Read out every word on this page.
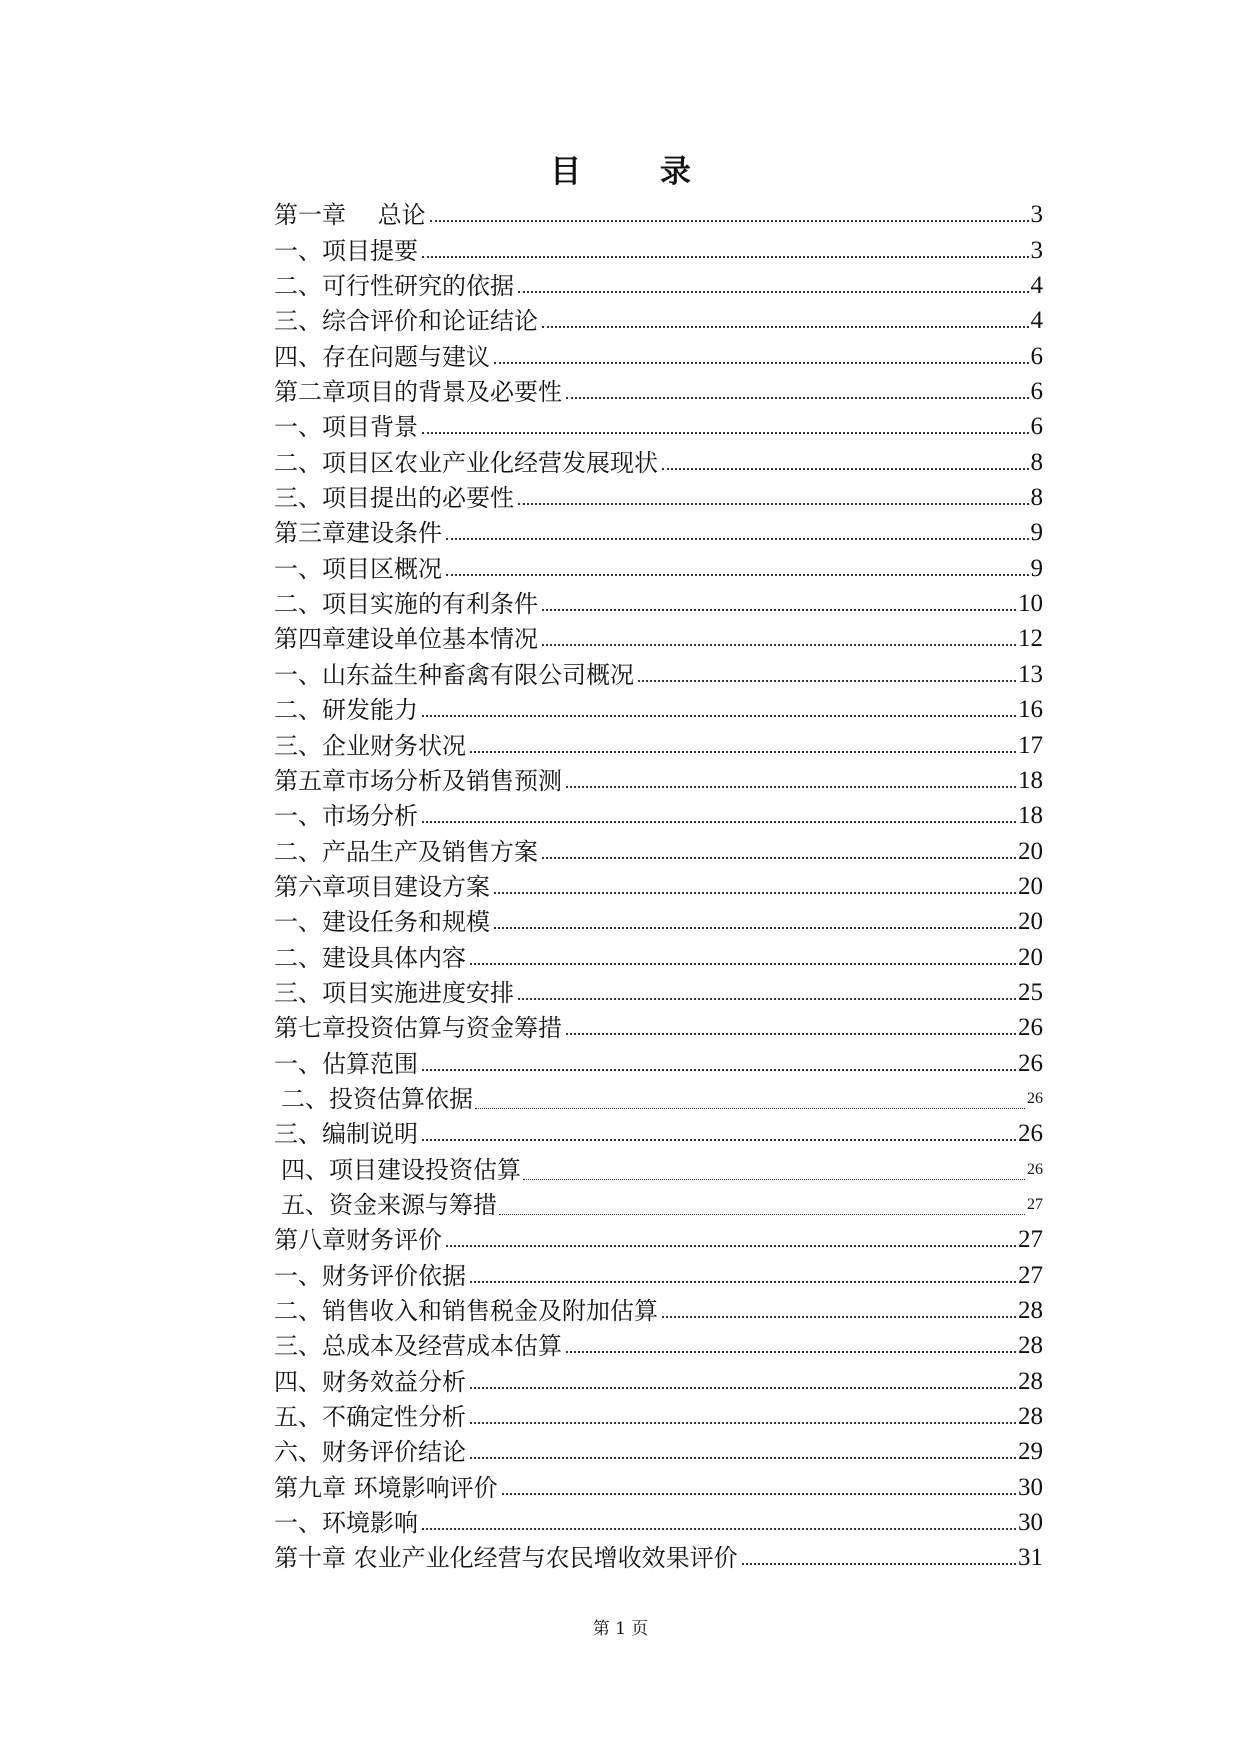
目 录
第一章　 总论	3
一、项目提要	3
二、可行性研究的依据	4
三、综合评价和论证结论	4
四、存在问题与建议	6
第二章项目的背景及必要性	6
一、项目背景	6
二、项目区农业产业化经营发展现状	8
三、项目提出的必要性	8
第三章建设条件	9
一、项目区概况	9
二、项目实施的有利条件	10
第四章建设单位基本情况	12
一、山东益生种畜禽有限公司概况	13
二、研发能力	16
三、企业财务状况	17
第五章市场分析及销售预测	18
一、市场分析	18
二、产品生产及销售方案	20
第六章项目建设方案	20
一、建设任务和规模	20
二、建设具体内容	20
三、项目实施进度安排	25
第七章投资估算与资金筹措	26
一、估算范围	26
二、投资估算依据	26
三、编制说明	26
四、项目建设投资估算	26
五、资金来源与筹措	27
第八章财务评价	27
一、财务评价依据	27
二、销售收入和销售税金及附加估算	28
三、总成本及经营成本估算	28
四、财务效益分析	28
五、不确定性分析	28
六、财务评价结论	29
第九章 环境影响评价	30
一、环境影响	30
第十章 农业产业化经营与农民增收效果评价	31
第 1 页
